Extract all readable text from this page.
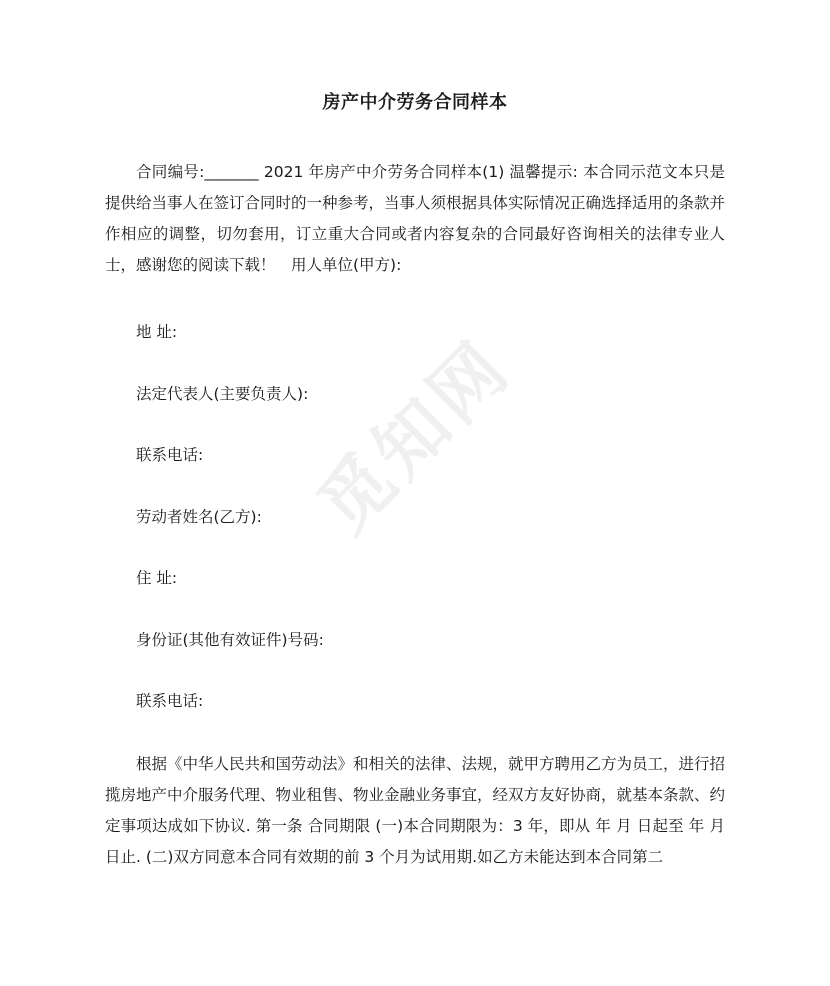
觅知网
房产中介劳务合同样本

合同编号:_______ 2021 年房产中介劳务合同样本(1) 温馨提示: 本合同示范文本只是提供给当事人在签订合同时的一种参考，当事人须根据具体实际情况正确选择适用的条款并作相应的调整，切勿套用，订立重大合同或者内容复杂的合同最好咨询相关的法律专业人士，感谢您的阅读下载！　用人单位(甲方):

地 址:
法定代表人(主要负责人):
联系电话:
劳动者姓名(乙方):
住 址:
身份证(其他有效证件)号码:
联系电话:

根据《中华人民共和国劳动法》和相关的法律、法规，就甲方聘用乙方为员工，进行招揽房地产中介服务代理、物业租售、物业金融业务事宜，经双方友好协商，就基本条款、约定事项达成如下协议. 第一条 合同期限 (一)本合同期限为：3 年，即从 年 月 日起至 年 月 日止. (二)双方同意本合同有效期的前 3 个月为试用期.如乙方未能达到本合同第二
